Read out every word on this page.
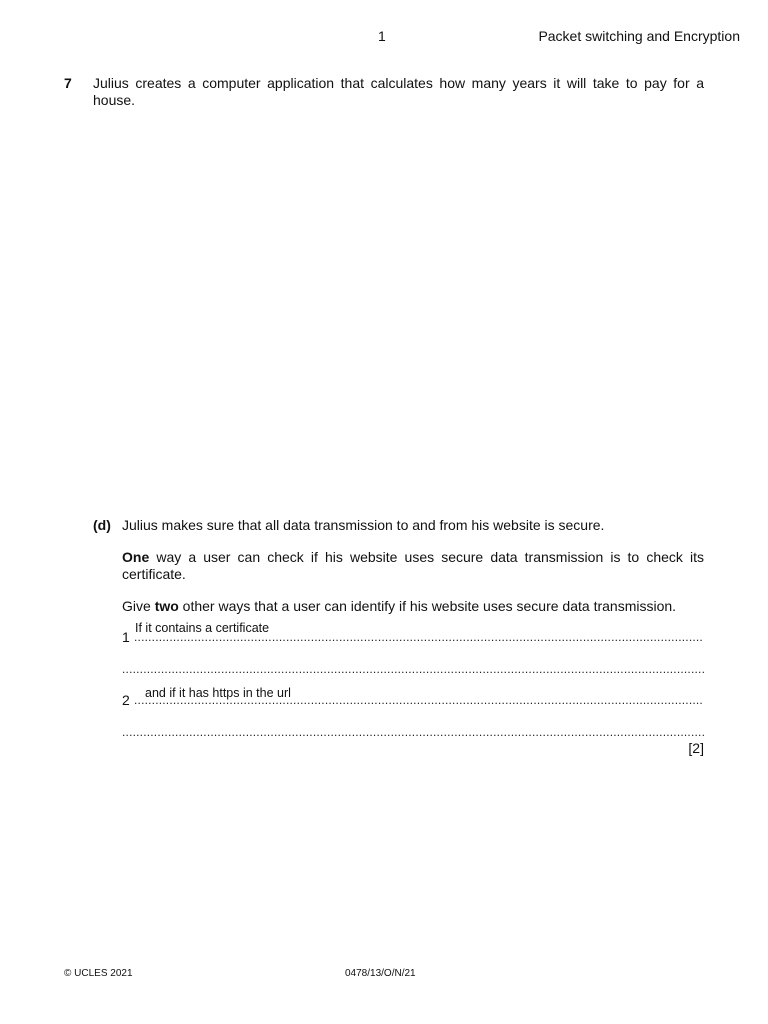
1	Packet switching and Encryption
7 Julius creates a computer application that calculates how many years it will take to pay for a house.
(d) Julius makes sure that all data transmission to and from his website is secure.
One way a user can check if his website uses secure data transmission is to check its certificate.
Give two other ways that a user can identify if his website uses secure data transmission.
1
If it contains a certificate
.....
.....
2 and if it has https in the url
.....
.....
[2]
© UCLES 2021	0478/13/O/N/21
